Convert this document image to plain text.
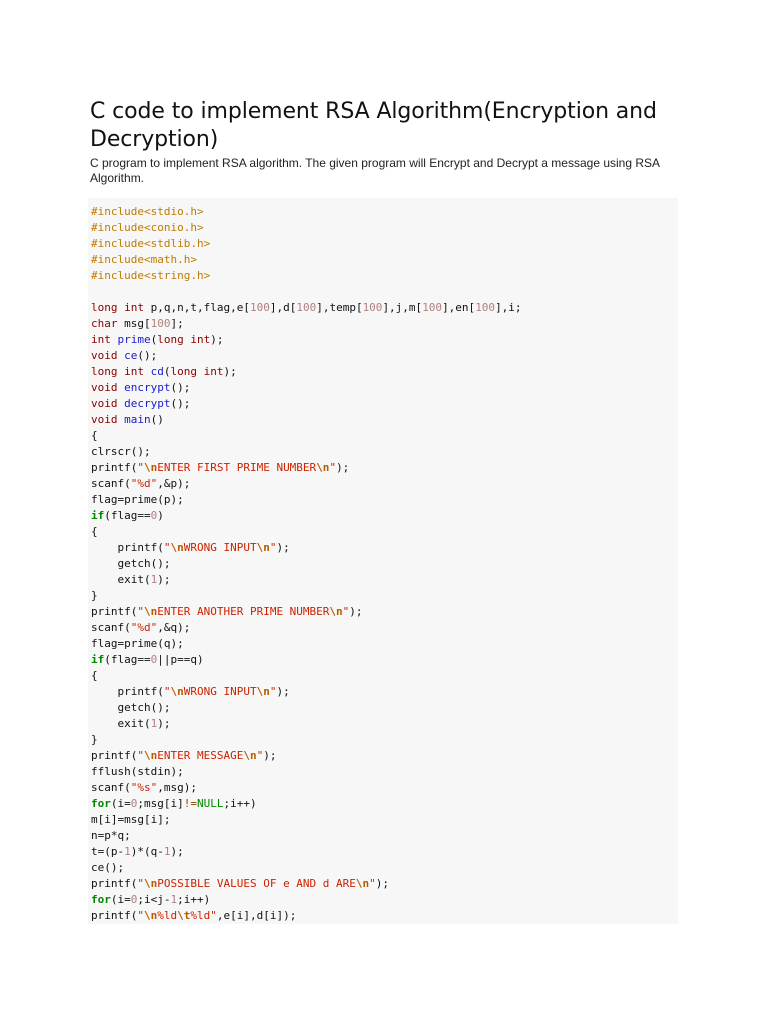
C code to implement RSA Algorithm(Encryption and Decryption)

C program to implement RSA algorithm. The given program will Encrypt and Decrypt a message using RSA Algorithm.

#include<stdio.h>
#include<conio.h>
#include<stdlib.h>
#include<math.h>
#include<string.h>
long int p,q,n,t,flag,e[100],d[100],temp[100],j,m[100],en[100],i;
char msg[100];
int prime(long int);
void ce();
long int cd(long int);
void encrypt();
void decrypt();
void main()
{
clrscr();
printf("\nENTER FIRST PRIME NUMBER\n");
scanf("%d",&p);
flag=prime(p);
if(flag==0)
{
printf("\nWRONG INPUT\n");
getch();
exit(1);
}
printf("\nENTER ANOTHER PRIME NUMBER\n");
scanf("%d",&q);
flag=prime(q);
if(flag==0||p==q)
{
printf("\nWRONG INPUT\n");
getch();
exit(1);
}
printf("\nENTER MESSAGE\n");
fflush(stdin);
scanf("%s",msg);
for(i=0;msg[i]!=NULL;i++)
m[i]=msg[i];
n=p*q;
t=(p-1)*(q-1);
ce();
printf("\nPOSSIBLE VALUES OF e AND d ARE\n");
for(i=0;i<j-1;i++)
printf("\n%ld\t%ld",e[i],d[i]);
